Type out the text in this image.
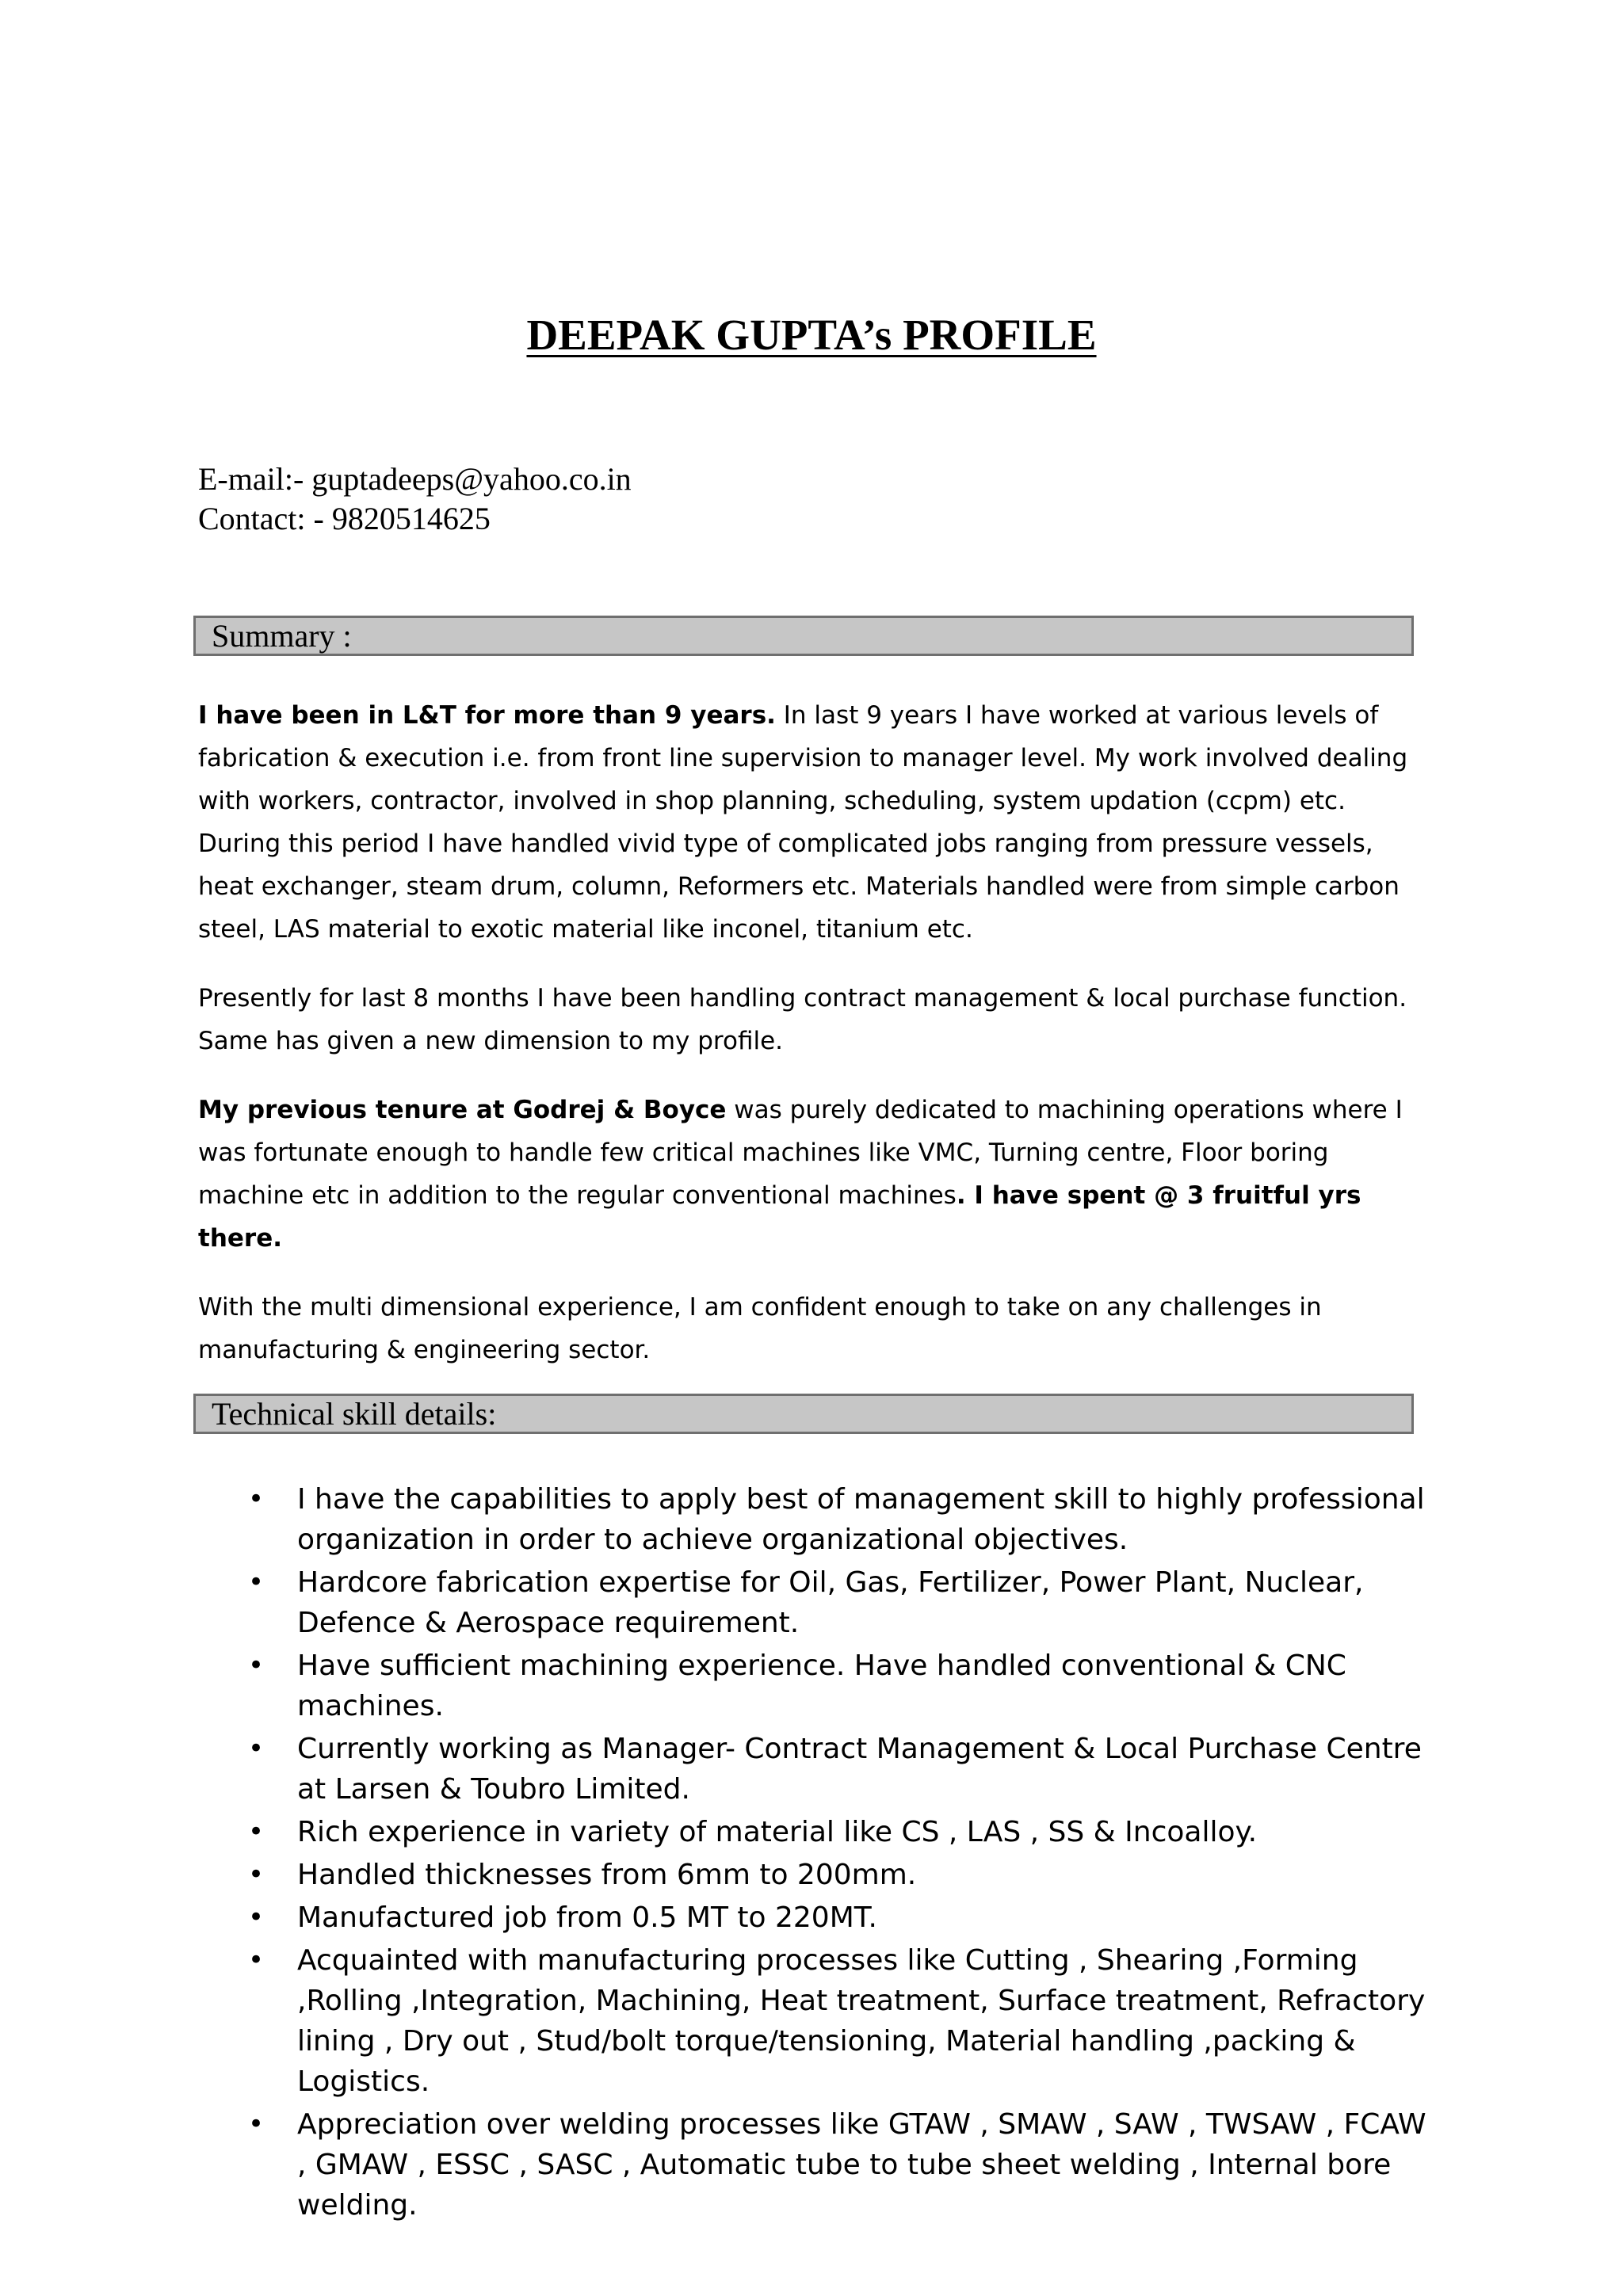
DEEPAK GUPTA’s PROFILE
E-mail:- guptadeeps@yahoo.co.in
Contact: - 9820514625
Summary :

I have been in L&T for more than 9 years. In last 9 years I have worked at various levels of fabrication & execution i.e. from front line supervision to manager level. My work involved dealing with workers, contractor, involved in shop planning, scheduling, system updation (ccpm) etc. During this period I have handled vivid type of complicated jobs ranging from pressure vessels, heat exchanger, steam drum, column, Reformers etc. Materials handled were from simple carbon steel, LAS material to exotic material like inconel, titanium etc.

Presently for last 8 months I have been handling contract management & local purchase function. Same has given a new dimension to my profile.

My previous tenure at Godrej & Boyce was purely dedicated to machining operations where I was fortunate enough to handle few critical machines like VMC, Turning centre, Floor boring machine etc in addition to the regular conventional machines. I have spent @ 3 fruitful yrs there.

With the multi dimensional experience, I am confident enough to take on any challenges in manufacturing & engineering sector.

Technical skill details:
• I have the capabilities to apply best of management skill to highly professional organization in order to achieve organizational objectives.
• Hardcore fabrication expertise for Oil, Gas, Fertilizer, Power Plant, Nuclear, Defence & Aerospace requirement.
• Have sufficient machining experience. Have handled conventional & CNC machines.
• Currently working as Manager- Contract Management & Local Purchase Centre at Larsen & Toubro Limited.
• Rich experience in variety of material like CS , LAS , SS & Incoalloy.
• Handled thicknesses from 6mm to 200mm.
• Manufactured job from 0.5 MT to 220MT.
• Acquainted with manufacturing processes like Cutting , Shearing ,Forming ,Rolling ,Integration, Machining, Heat treatment, Surface treatment, Refractory lining , Dry out , Stud/bolt torque/tensioning, Material handling ,packing & Logistics.
• Appreciation over welding processes like GTAW , SMAW , SAW , TWSAW , FCAW , GMAW , ESSC , SASC , Automatic tube to tube sheet welding , Internal bore welding.
